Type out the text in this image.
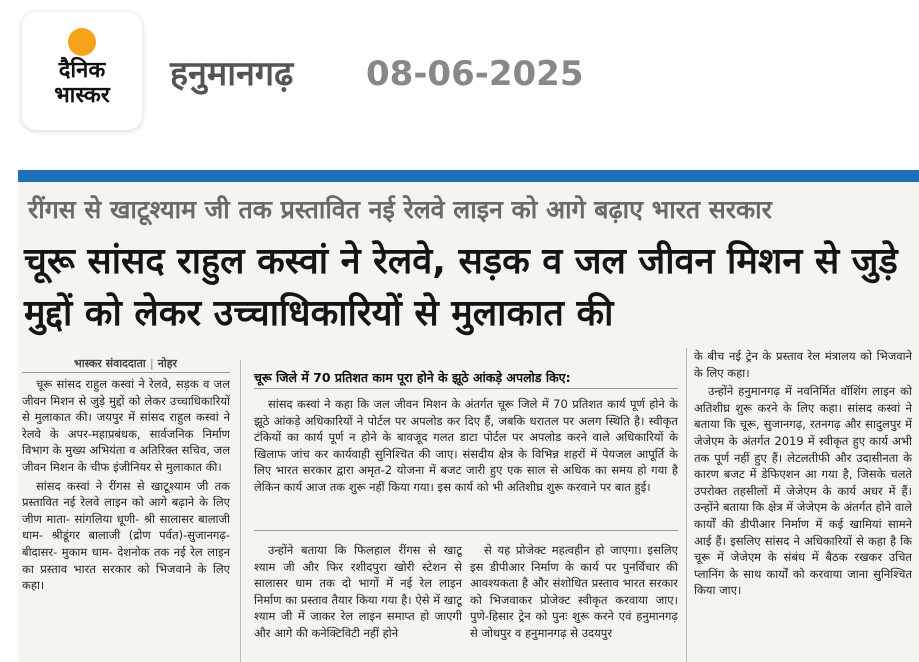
दैनिक
भास्कर
हनुमानगढ़ 08-06-2025
रींगस से खाटूश्याम जी तक प्रस्तावित नई रेलवे लाइन को आगे बढ़ाए भारत सरकार
चूरू सांसद राहुल कस्वां ने रेलवे, सड़क व जल जीवन मिशन से जुड़े मुद्दों को लेकर उच्चाधिकारियों से मुलाकात की
भास्कर संवाददाता | नोहर

चूरू सांसद राहुल कस्वां ने रेलवे, सड़क व जल जीवन मिशन से जुड़े मुद्दों को लेकर उच्चाधिकारियों से मुलाकात की। जयपुर में सांसद राहुल कस्वां ने रेलवे के अपर-महाप्रबंधक, सार्वजनिक निर्माण विभाग के मुख्य अभियंता व अतिरिक्त सचिव, जल जीवन मिशन के चीफ इंजीनियर से मुलाकात की।

सांसद कस्वां ने रींगस से खाटूश्याम जी तक प्रस्तावित नई रेलवे लाइन को आगे बढ़ाने के लिए जीण माता- सांगलिया धूणी- श्री सालासर बालाजी धाम- श्रीडूंगर बालाजी (द्रोण पर्वत)-सुजानगढ़- बीदासर- मुकाम धाम- देशनोक तक नई रेल लाइन का प्रस्ताव भारत सरकार को भिजवाने के लिए कहा।

चूरू जिले में 70 प्रतिशत काम पूरा होने के झूठे आंकड़े अपलोड किए:

सांसद कस्वां ने कहा कि जल जीवन मिशन के अंतर्गत चूरू जिले में 70 प्रतिशत कार्य पूर्ण होने के झूठे आंकड़े अधिकारियों ने पोर्टल पर अपलोड कर दिए हैं, जबकि धरातल पर अलग स्थिति है। स्वीकृत टंकियों का कार्य पूर्ण न होने के बावजूद गलत डाटा पोर्टल पर अपलोड करने वाले अधिकारियों के खिलाफ जांच कर कार्यवाही सुनिश्चित की जाए। संसदीय क्षेत्र के विभिन्न शहरों में पेयजल आपूर्ति के लिए भारत सरकार द्वारा अमृत-2 योजना में बजट जारी हुए एक साल से अधिक का समय हो गया है लेकिन कार्य आज तक शुरू नहीं किया गया। इस कार्य को भी अतिशीघ्र शुरू करवाने पर बात हुई।

उन्होंने बताया कि फिलहाल रींगस से खाटू श्याम जी और फिर रशीदपुरा खोरी स्टेशन से सालासर धाम तक दो भागों में नई रेल लाइन निर्माण का प्रस्ताव तैयार किया गया है। ऐसे में खाटू श्याम जी में जाकर रेल लाइन समाप्त हो जाएगी और आगे की कनेक्टिविटी नहीं होने

से यह प्रोजेक्ट महत्वहीन हो जाएगा। इसलिए इस डीपीआर निर्माण के कार्य पर पुनर्विचार की आवश्यकता है और संशोधित प्रस्ताव भारत सरकार को भिजवाकर प्रोजेक्ट स्वीकृत करवाया जाए। पुणे-हिसार ट्रेन को पुनः शुरू करने एवं हनुमानगढ़ से जोधपुर व हनुमानगढ़ से उदयपुर

के बीच नई ट्रेन के प्रस्ताव रेल मंत्रालय को भिजवाने के लिए कहा।

उन्होंने हनुमानगढ़ में नवनिर्मित वॉशिंग लाइन को अतिशीघ्र शुरू करने के लिए कहा। सांसद कस्वां ने बताया कि चूरू, सुजानगढ़, रतनगढ़ और सादुलपुर में जेजेएम के अंतर्गत 2019 में स्वीकृत हुए कार्य अभी तक पूर्ण नहीं हुए हैं। लेटलतीफी और उदासीनता के कारण बजट में डेफिएशन आ गया है, जिसके चलते उपरोक्त तहसीलों में जेजेएम के कार्य अधर में हैं। उन्होंने बताया कि क्षेत्र में जेजेएम के अंतर्गत होने वाले कार्यों की डीपीआर निर्माण में कई खामियां सामने आई हैं। इसलिए सांसद ने अधिकारियों से कहा है कि चूरू में जेजेएम के संबंध में बैठक रखकर उचित प्लानिंग के साथ कार्यों को करवाया जाना सुनिश्चित किया जाए।
